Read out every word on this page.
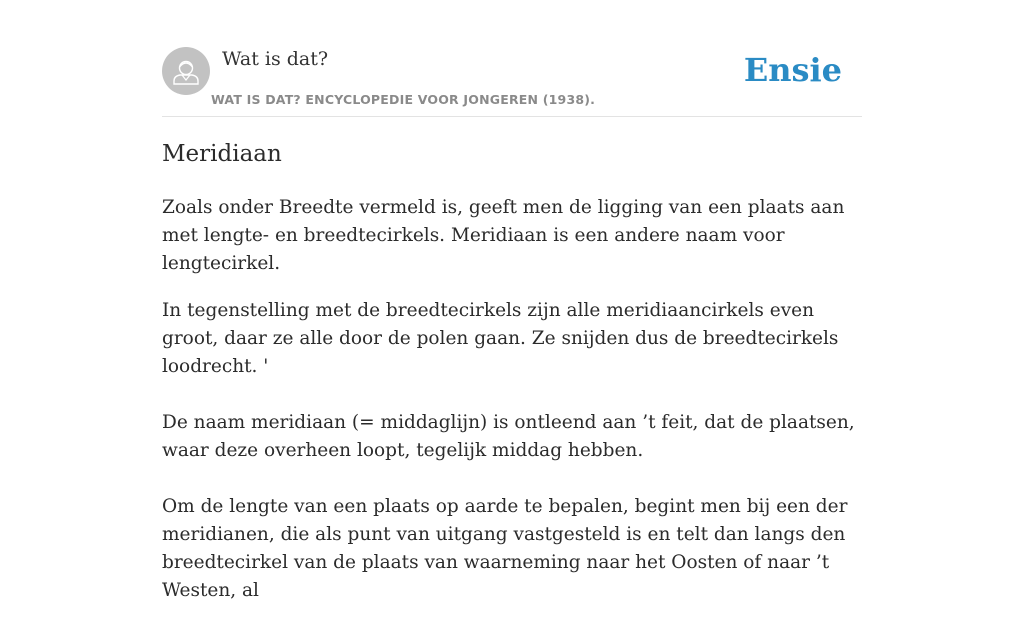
Wat is dat?
WAT IS DAT? ENCYCLOPEDIE VOOR JONGEREN (1938).
Ensie
Meridiaan

Zoals onder Breedte vermeld is, geeft men de ligging van een plaats aan met lengte- en breedtecirkels. Meridiaan is een andere naam voor lengtecirkel.

In tegenstelling met de breedtecirkels zijn alle meridiaancirkels even groot, daar ze alle door de polen gaan. Ze snijden dus de breedtecirkels loodrecht. '

De naam meridiaan (= middaglijn) is ontleend aan ’t feit, dat de plaatsen, waar deze overheen loopt, tegelijk middag hebben.

Om de lengte van een plaats op aarde te bepalen, begint men bij een der meridianen, die als punt van uitgang vastgesteld is en telt dan langs den breedtecirkel van de plaats van waarneming naar het Oosten of naar ’t Westen, al
